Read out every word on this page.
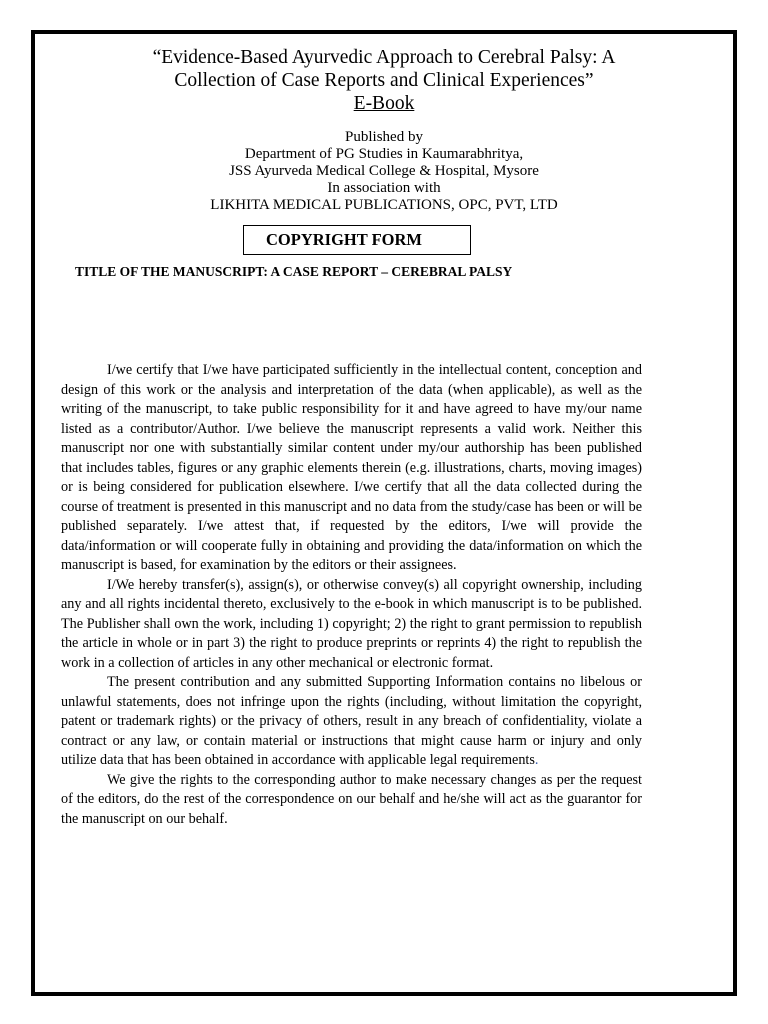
“Evidence-Based Ayurvedic Approach to Cerebral Palsy: A
Collection of Case Reports and Clinical Experiences”
E-Book
Published by
Department of PG Studies in Kaumarabhritya,
JSS Ayurveda Medical College & Hospital, Mysore
In association with
LIKHITA MEDICAL PUBLICATIONS, OPC, PVT, LTD
COPYRIGHT FORM
TITLE OF THE MANUSCRIPT: A CASE REPORT – CEREBRAL PALSY

I/we certify that I/we have participated sufficiently in the intellectual content, conception and design of this work or the analysis and interpretation of the data (when applicable), as well as the writing of the manuscript, to take public responsibility for it and have agreed to have my/our name listed as a contributor/Author. I/we believe the manuscript represents a valid work. Neither this manuscript nor one with substantially similar content under my/our authorship has been published that includes tables, figures or any graphic elements therein (e.g. illustrations, charts, moving images) or is being considered for publication elsewhere. I/we certify that all the data collected during the course of treatment is presented in this manuscript and no data from the study/case has been or will be published separately. I/we attest that, if requested by the editors, I/we will provide the data/information or will cooperate fully in obtaining and providing the data/information on which the manuscript is based, for examination by the editors or their assignees.

I/We hereby transfer(s), assign(s), or otherwise convey(s) all copyright ownership, including any and all rights incidental thereto, exclusively to the e-book in which manuscript is to be published. The Publisher shall own the work, including 1) copyright; 2) the right to grant permission to republish the article in whole or in part 3) the right to produce preprints or reprints 4) the right to republish the work in a collection of articles in any other mechanical or electronic format.

The present contribution and any submitted Supporting Information contains no libelous or unlawful statements, does not infringe upon the rights (including, without limitation the copyright, patent or trademark rights) or the privacy of others, result in any breach of confidentiality, violate a contract or any law, or contain material or instructions that might cause harm or injury and only utilize data that has been obtained in accordance with applicable legal requirements.

We give the rights to the corresponding author to make necessary changes as per the request of the editors, do the rest of the correspondence on our behalf and he/she will act as the guarantor for the manuscript on our behalf.
